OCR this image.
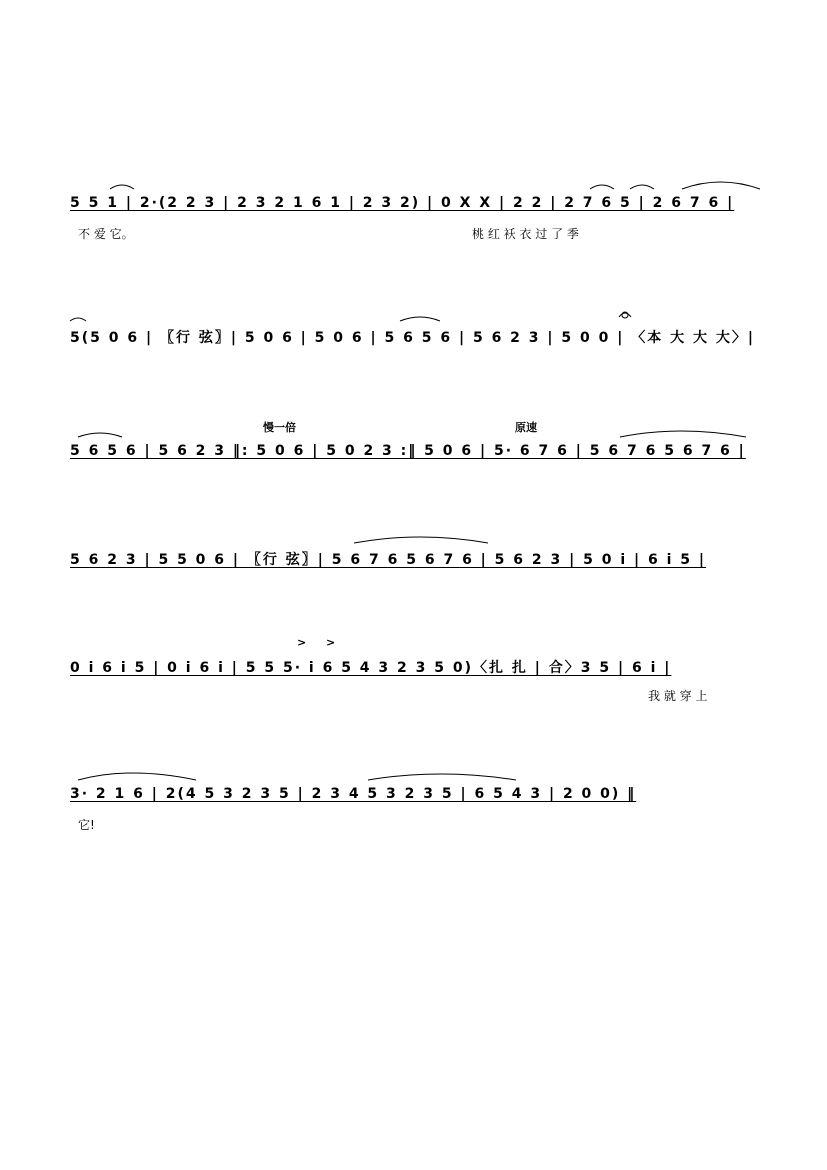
5 5 1 | 2·(2 2 3 | 2 3 2 1 6 1 | 2 3 2) | 0 X X | 2 2 | 2 7 6 5 | 2 6 7 6 |
不 爱 它。	桃 红 袄 衣 过 了 季
5(5 0 6 | 〖行 弦〗| 5 0 6 | 5 0 6 | 5 6 5 6 | 5 6 2 3 | 5 0 0 | 〈本 大 大 大〉|
慢一倍	原速
5 6 5 6 | 5 6 2 3 ‖: 5 0 6 | 5 0 2 3 :‖ 5 0 6 | 5· 6 7 6 | 5 6 7 6 5 6 7 6 |
5 6 2 3 | 5 5 0 6 | 〖行 弦〗| 5 6 7 6 5 6 7 6 | 5 6 2 3 | 5 0 i | 6 i 5 |
> >
0 i 6 i 5 | 0 i 6 i | 5 5 5· i 6 5 4 3 2 3 5 0)〈扎 扎 | 合〉3 5 | 6 i |
我 就 穿 上
3· 2 1 6 | 2(4 5 3 2 3 5 | 2 3 4 5 3 2 3 5 | 6 5 4 3 | 2 0 0) ‖
它!
